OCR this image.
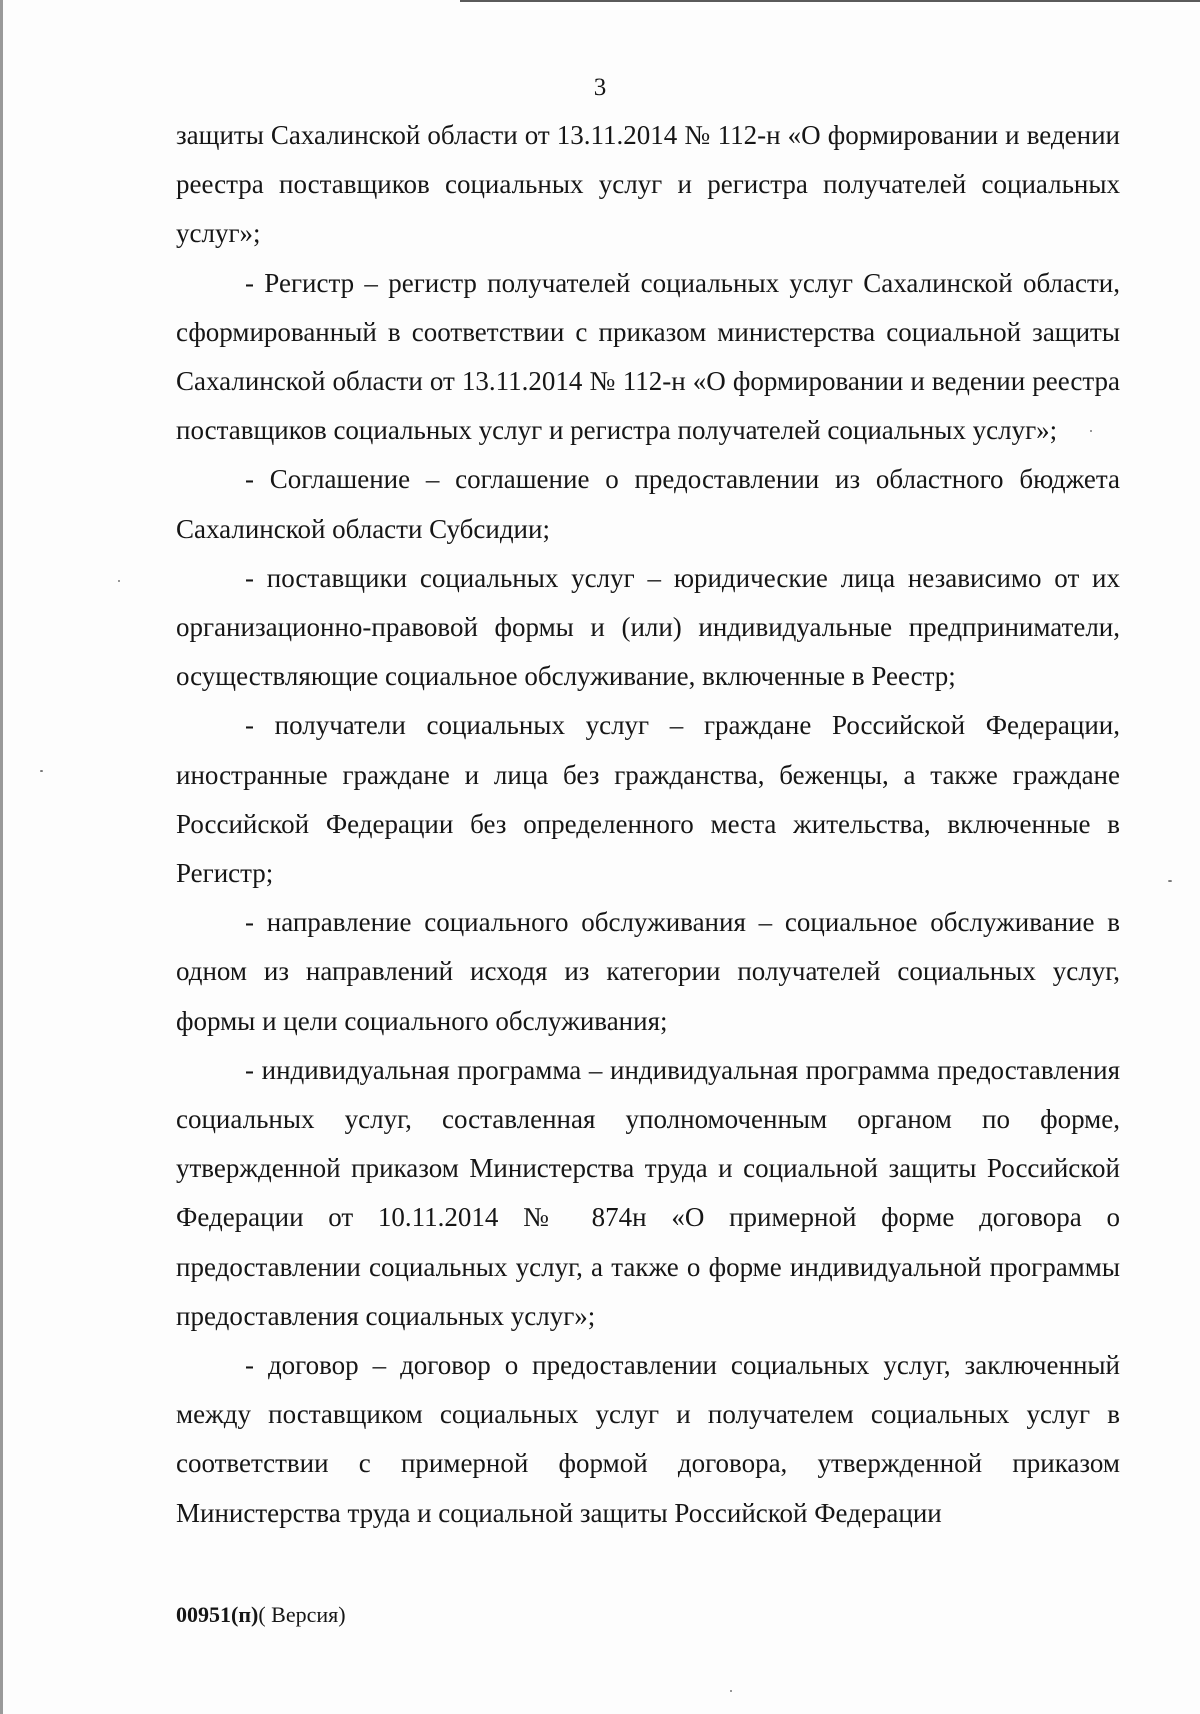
3

защиты Сахалинской области от 13.11.2014 № 112-н «О формировании и ведении реестра поставщиков социальных услуг и регистра получателей социальных услуг»;

- Регистр – регистр получателей социальных услуг Сахалинской области, сформированный в соответствии с приказом министерства социальной защиты Сахалинской области от 13.11.2014 № 112-н «О формировании и ведении реестра поставщиков социальных услуг и регистра получателей социальных услуг»;

- Соглашение – соглашение о предоставлении из областного бюджета Сахалинской области Субсидии;

- поставщики социальных услуг – юридические лица независимо от их организационно-правовой формы и (или) индивидуальные предприниматели, осуществляющие социальное обслуживание, включенные в Реестр;

- получатели социальных услуг – граждане Российской Федерации, иностранные граждане и лица без гражданства, беженцы, а также граждане Российской Федерации без определенного места жительства, включенные в Регистр;

- направление социального обслуживания – социальное обслуживание в одном из направлений исходя из категории получателей социальных услуг, формы и цели социального обслуживания;

- индивидуальная программа – индивидуальная программа предоставления социальных услуг, составленная уполномоченным органом по форме, утвержденной приказом Министерства труда и социальной защиты Российской Федерации от 10.11.2014 № 874н «О примерной форме договора о предоставлении социальных услуг, а также о форме индивидуальной программы предоставления социальных услуг»;

- договор – договор о предоставлении социальных услуг, заключенный между поставщиком социальных услуг и получателем социальных услуг в соответствии с примерной формой договора, утвержденной приказом Министерства труда и социальной защиты Российской Федерации

00951(п)( Версия)
